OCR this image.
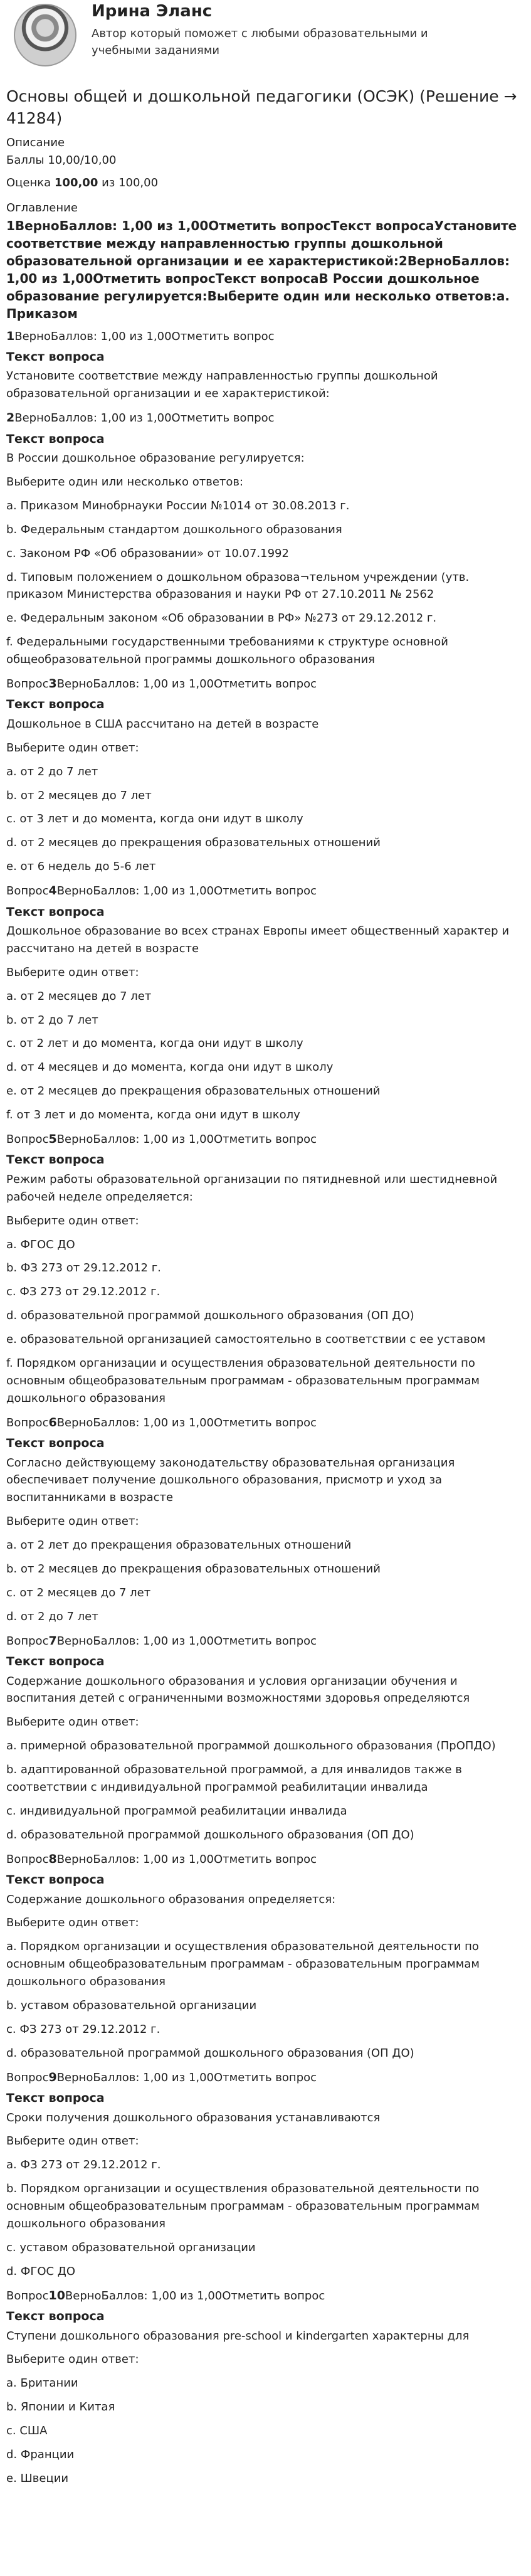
Ирина Эланс
Автор который поможет с любыми образовательными и учебными заданиями
Основы общей и дошкольной педагогики (ОСЭК) (Решение → 41284)

Описание

Баллы 10,00/10,00

Оценка 100,00 из 100,00

Оглавление

1ВерноБаллов: 1,00 из 1,00Отметить вопросТекст вопросаУстановите соответствие между направленностью группы дошкольной образовательной организации и ее характеристикой:2ВерноБаллов: 1,00 из 1,00Отметить вопросТекст вопросаВ России дошкольное образование регулируется:Выберите один или несколько ответов:a. Приказом

1ВерноБаллов: 1,00 из 1,00Отметить вопрос

Текст вопроса

Установите соответствие между направленностью группы дошкольной образовательной организации и ее характеристикой:

2ВерноБаллов: 1,00 из 1,00Отметить вопрос

Текст вопроса

В России дошкольное образование регулируется:

Выберите один или несколько ответов:

a. Приказом Минобрнауки России №1014 от 30.08.2013 г.

b. Федеральным стандартом дошкольного образования

c. Законом РФ «Об образовании» от 10.07.1992

d. Типовым положением о дошкольном образова¬тельном учреждении (утв. приказом Министерства образования и науки РФ от 27.10.2011 № 2562

e. Федеральным законом «Об образовании в РФ» №273 от 29.12.2012 г.

f. Федеральными государственными требованиями к структуре основной общеобразовательной программы дошкольного образования

Вопрос3ВерноБаллов: 1,00 из 1,00Отметить вопрос

Текст вопроса

Дошкольное в США рассчитано на детей в возрасте

Выберите один ответ:

a. от 2 до 7 лет

b. от 2 месяцев до 7 лет

c. от 3 лет и до момента, когда они идут в школу

d. от 2 месяцев до прекращения образовательных отношений

e. от 6 недель до 5-6 лет

Вопрос4ВерноБаллов: 1,00 из 1,00Отметить вопрос

Текст вопроса

Дошкольное образование во всех странах Европы имеет общественный характер и рассчитано на детей в возрасте

Выберите один ответ:

a. от 2 месяцев до 7 лет

b. от 2 до 7 лет

c. от 2 лет и до момента, когда они идут в школу

d. от 4 месяцев и до момента, когда они идут в школу

e. от 2 месяцев до прекращения образовательных отношений

f. от 3 лет и до момента, когда они идут в школу

Вопрос5ВерноБаллов: 1,00 из 1,00Отметить вопрос

Текст вопроса

Режим работы образовательной организации по пятидневной или шестидневной рабочей неделе определяется:

Выберите один ответ:

a. ФГОС ДО

b. ФЗ 273 от 29.12.2012 г.

c. ФЗ 273 от 29.12.2012 г.

d. образовательной программой дошкольного образования (ОП ДО)

e. образовательной организацией самостоятельно в соответствии с ее уставом

f. Порядком организации и осуществления образовательной деятельности по основным общеобразовательным программам - образовательным программам дошкольного образования

Вопрос6ВерноБаллов: 1,00 из 1,00Отметить вопрос

Текст вопроса

Согласно действующему законодательству образовательная организация обеспечивает получение дошкольного образования, присмотр и уход за воспитанниками в возрасте

Выберите один ответ:

a. от 2 лет до прекращения образовательных отношений

b. от 2 месяцев до прекращения образовательных отношений

c. от 2 месяцев до 7 лет

d. от 2 до 7 лет

Вопрос7ВерноБаллов: 1,00 из 1,00Отметить вопрос

Текст вопроса

Содержание дошкольного образования и условия организации обучения и воспитания детей с ограниченными возможностями здоровья определяются

Выберите один ответ:

a. примерной образовательной программой дошкольного образования (ПрОПДО)

b. адаптированной образовательной программой, а для инвалидов также в соответствии с индивидуальной программой реабилитации инвалида

c. индивидуальной программой реабилитации инвалида

d. образовательной программой дошкольного образования (ОП ДО)

Вопрос8ВерноБаллов: 1,00 из 1,00Отметить вопрос

Текст вопроса

Содержание дошкольного образования определяется:

Выберите один ответ:

a. Порядком организации и осуществления образовательной деятельности по основным общеобразовательным программам - образовательным программам дошкольного образования

b. уставом образовательной организации

c. ФЗ 273 от 29.12.2012 г.

d. образовательной программой дошкольного образования (ОП ДО)

Вопрос9ВерноБаллов: 1,00 из 1,00Отметить вопрос

Текст вопроса

Сроки получения дошкольного образования устанавливаются

Выберите один ответ:

a. ФЗ 273 от 29.12.2012 г.

b. Порядком организации и осуществления образовательной деятельности по основным общеобразовательным программам - образовательным программам дошкольного образования

c. уставом образовательной организации

d. ФГОС ДО

Вопрос10ВерноБаллов: 1,00 из 1,00Отметить вопрос

Текст вопроса

Ступени дошкольного образования pre-school и kindergarten характерны для

Выберите один ответ:

a. Британии

b. Японии и Китая

c. США

d. Франции

e. Швеции
